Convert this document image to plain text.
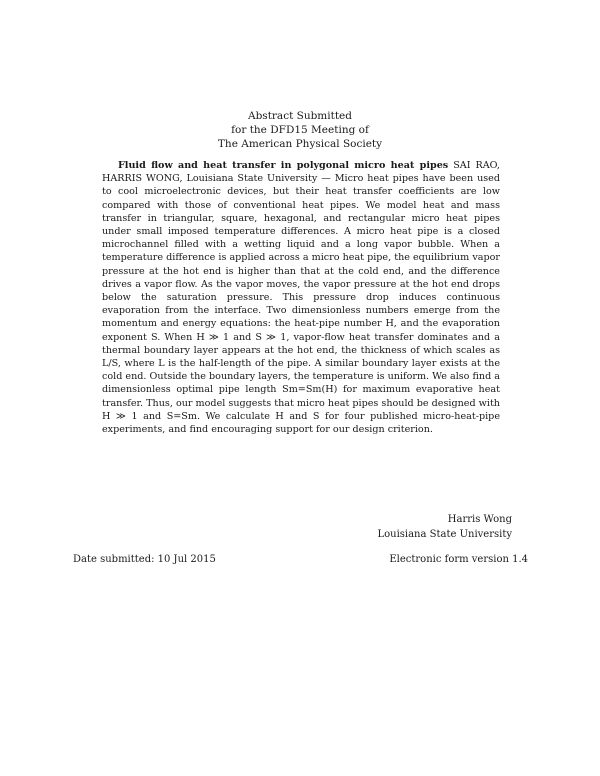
Abstract Submitted
for the DFD15 Meeting of
The American Physical Society

Fluid flow and heat transfer in polygonal micro heat pipes SAI RAO, HARRIS WONG, Louisiana State University — Micro heat pipes have been used to cool microelectronic devices, but their heat transfer coefficients are low compared with those of conventional heat pipes. We model heat and mass transfer in triangular, square, hexagonal, and rectangular micro heat pipes under small imposed temperature differences. A micro heat pipe is a closed microchannel filled with a wetting liquid and a long vapor bubble. When a temperature difference is applied across a micro heat pipe, the equilibrium vapor pressure at the hot end is higher than that at the cold end, and the difference drives a vapor flow. As the vapor moves, the vapor pressure at the hot end drops below the saturation pressure. This pressure drop induces continuous evaporation from the interface. Two dimensionless numbers emerge from the momentum and energy equations: the heat-pipe number H, and the evaporation exponent S. When H ≫ 1 and S ≫ 1, vapor-flow heat transfer dominates and a thermal boundary layer appears at the hot end, the thickness of which scales as L/S, where L is the half-length of the pipe. A similar boundary layer exists at the cold end. Outside the boundary layers, the temperature is uniform. We also find a dimensionless optimal pipe length Sm=Sm(H) for maximum evaporative heat transfer. Thus, our model suggests that micro heat pipes should be designed with H ≫ 1 and S=Sm. We calculate H and S for four published micro-heat-pipe experiments, and find encouraging support for our design criterion.

Harris Wong
Louisiana State University
Date submitted: 10 Jul 2015	Electronic form version 1.4
